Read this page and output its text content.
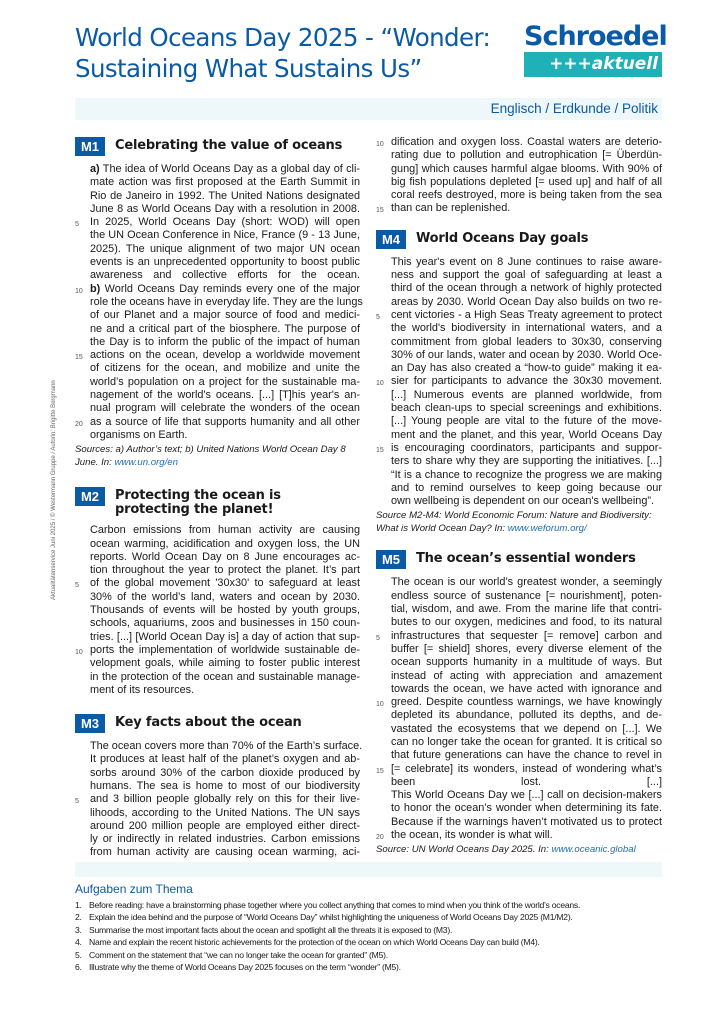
World Oceans Day 2025 - “Wonder:
Sustaining What Sustains Us”
Schroedel
+++aktuell
Englisch / Erdkunde / Politik
Aktualitätenservice Juni 2025 / © Westermann Gruppe / Autorin: Brigitte Bergmann
M1	Celebrating the value of oceans
a) The idea of World Oceans Day as a global day of cli-
mate action was first proposed at the Earth Summit in
Rio de Janeiro in 1992. The United Nations designated
June 8 as World Oceans Day with a resolution in 2008.
5 In 2025, World Oceans Day (short: WOD) will open
the UN Ocean Conference in Nice, France (9 - 13 June,
2025). The unique alignment of two major UN ocean
events is an unprecedented opportunity to boost public
awareness and collective efforts for the ocean.
10 b) World Oceans Day reminds every one of the major
role the oceans have in everyday life. They are the lungs
of our Planet and a major source of food and medici-
ne and a critical part of the biosphere. The purpose of
the Day is to inform the public of the impact of human
15 actions on the ocean, develop a worldwide movement
of citizens for the ocean, and mobilize and unite the
world’s population on a project for the sustainable ma-
nagement of the world's oceans. [...] [T]his year's an-
nual program will celebrate the wonders of the ocean
20 as a source of life that supports humanity and all other
organisms on Earth.
Sources: a) Author’s text; b) United Nations World Ocean Day 8 June. In: www.un.org/en
M2	Protecting the ocean is
protecting the planet!
Carbon emissions from human activity are causing
ocean warming, acidification and oxygen loss, the UN
reports. World Ocean Day on 8 June encourages ac-
tion throughout the year to protect the planet. It’s part
5 of the global movement '30x30' to safeguard at least
30% of the world’s land, waters and ocean by 2030.
Thousands of events will be hosted by youth groups,
schools, aquariums, zoos and businesses in 150 coun-
tries. [...] [World Ocean Day is] a day of action that sup-
10 ports the implementation of worldwide sustainable de-
velopment goals, while aiming to foster public interest
in the protection of the ocean and sustainable manage-
ment of its resources.
M3	Key facts about the ocean
The ocean covers more than 70% of the Earth’s surface.
It produces at least half of the planet’s oxygen and ab-
sorbs around 30% of the carbon dioxide produced by
humans. The sea is home to most of our biodiversity
5 and 3 billion people globally rely on this for their live-
lihoods, according to the United Nations. The UN says
around 200 million people are employed either direct-
ly or indirectly in related industries. Carbon emissions
from human activity are causing ocean warming, aci-
10 dification and oxygen loss. Coastal waters are deterio-
rating due to pollution and eutrophication [= Überdün-
gung] which causes harmful algae blooms. With 90% of
big fish populations depleted [= used up] and half of all
coral reefs destroyed, more is being taken from the sea
15 than can be replenished.
M4	World Oceans Day goals
This year's event on 8 June continues to raise aware-
ness and support the goal of safeguarding at least a
third of the ocean through a network of highly protected
areas by 2030. World Ocean Day also builds on two re-
5 cent victories - a High Seas Treaty agreement to protect
the world's biodiversity in international waters, and a
commitment from global leaders to 30x30, conserving
30% of our lands, water and ocean by 2030. World Oce-
an Day has also created a “how-to guide” making it ea-
10 sier for participants to advance the 30x30 movement.
[...] Numerous events are planned worldwide, from
beach clean-ups to special screenings and exhibitions.
[...] Young people are vital to the future of the move-
ment and the planet, and this year, World Oceans Day
15 is encouraging coordinators, participants and suppor-
ters to share why they are supporting the initiatives. [...]
“It is a chance to recognize the progress we are making
and to remind ourselves to keep going because our
own wellbeing is dependent on our ocean's wellbeing”.
Source M2-M4: World Economic Forum: Nature and Biodiversity: What is World Ocean Day? In: www.weforum.org/
M5	The ocean’s essential wonders
The ocean is our world’s greatest wonder, a seemingly
endless source of sustenance [= nourishment], poten-
tial, wisdom, and awe. From the marine life that contri-
butes to our oxygen, medicines and food, to its natural
5 infrastructures that sequester [= remove] carbon and
buffer [= shield] shores, every diverse element of the
ocean supports humanity in a multitude of ways. But
instead of acting with appreciation and amazement
towards the ocean, we have acted with ignorance and
10 greed. Despite countless warnings, we have knowingly
depleted its abundance, polluted its depths, and de-
vastated the ecosystems that we depend on [...]. We
can no longer take the ocean for granted. It is critical so
that future generations can have the chance to revel in
15 [= celebrate] its wonders, instead of wondering what’s
been lost. [...]
This World Oceans Day we [...] call on decision-makers
to honor the ocean’s wonder when determining its fate.
Because if the warnings haven’t motivated us to protect
20 the ocean, its wonder is what will.
Source: UN World Oceans Day 2025. In: www.oceanic.global
Aufgaben zum Thema
1. Before reading: have a brainstorming phase together where you collect anything that comes to mind when you think of the world’s oceans.
2. Explain the idea behind and the purpose of “World Oceans Day” whilst highlighting the uniqueness of World Oceans Day 2025 (M1/M2).
3. Summarise the most important facts about the ocean and spotlight all the threats it is exposed to (M3).
4. Name and explain the recent historic achievements for the protection of the ocean on which World Oceans Day can build (M4).
5. Comment on the statement that “we can no longer take the ocean for granted” (M5).
6. Illustrate why the theme of World Oceans Day 2025 focuses on the term “wonder” (M5).
